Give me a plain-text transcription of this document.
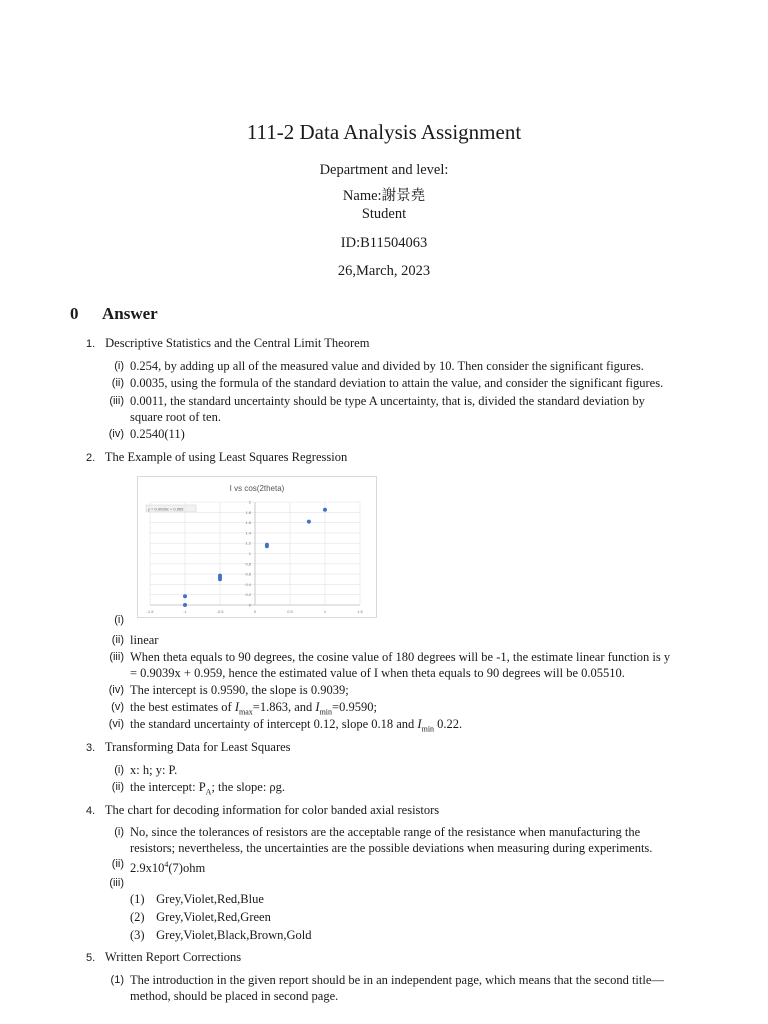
111-2 Data Analysis Assignment
Department and level:
Name:謝景堯
Student
ID:B11504063
26,March, 2023
0 Answer
1. Descriptive Statistics and the Central Limit Theorem
(i) 0.254, by adding up all of the measured value and divided by 10. Then consider the significant figures.
(ii) 0.0035, using the formula of the standard deviation to attain the value, and consider the significant figures.
(iii) 0.0011, the standard uncertainty should be type A uncertainty, that is, divided the standard deviation by square root of ten.
(iv) 0.2540(11)
2. The Example of using Least Squares Regression
I vs cos(2theta)
y = 0.9039x + 0.959
0
0.2
0.4
0.6
0.8
1
1.2
1.4
1.6
1.8
2
-1.5	-1	-0.5	0	0.5	1	1.5
(i)
(ii) linear
(iii) When theta equals to 90 degrees, the cosine value of 180 degrees will be -1, the estimate linear function is y = 0.9039x + 0.959, hence the estimated value of I when theta equals to 90 degrees will be 0.05510.
(iv) The intercept is 0.9590, the slope is 0.9039;
(v) the best estimates of $I_{max}=1.863$, and $I_{min}=0.9590$;
(vi) the standard uncertainty of intercept 0.12, slope 0.18 and $I_{min}$ 0.22.
3. Transforming Data for Least Squares
(i) x: h; y: P.
(ii) the intercept: $P_A$; the slope: ρg.
4. The chart for decoding information for color banded axial resistors
(i) No, since the tolerances of resistors are the acceptable range of the resistance when manufacturing the resistors; nevertheless, the uncertainties are the possible deviations when measuring during experiments.
(ii) $2.9x10^4(7)ohm$
(iii)
(1) Grey,Violet,Red,Blue
(2) Grey,Violet,Red,Green
(3) Grey,Violet,Black,Brown,Gold
5. Written Report Corrections
(1) The introduction in the given report should be in an independent page, which means that the second title—method, should be placed in second page.
